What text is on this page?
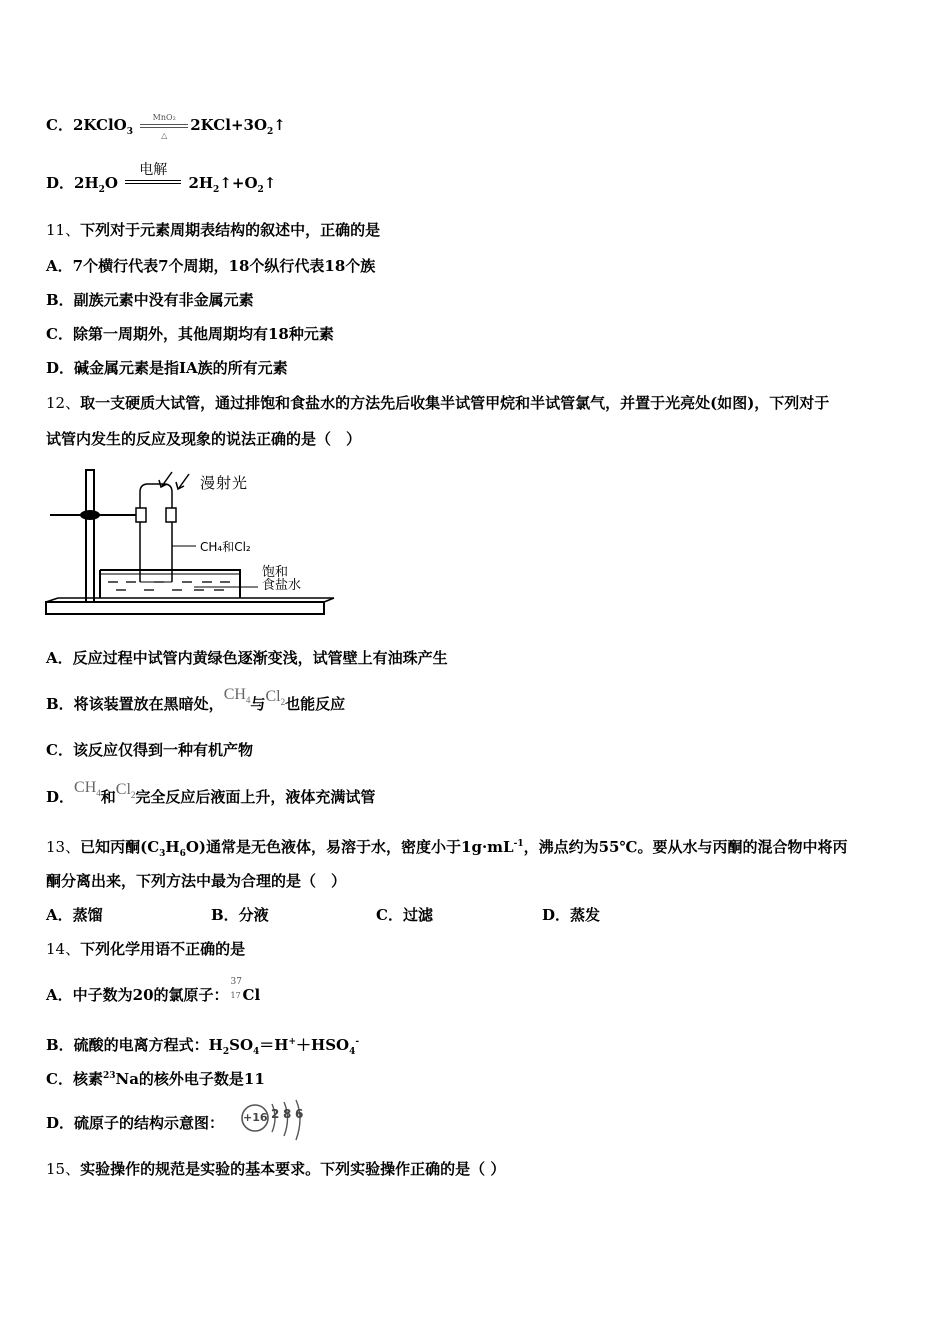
C．2KClO$_3$
MnO₂
△
$2KCl+3O_2↑$
D．$2H_2O$
电解
$2H_2↑+O_2↑$
11、下列对于元素周期表结构的叙述中，正确的是
A．7个横行代表7个周期，18个纵行代表18个族
B．副族元素中没有非金属元素
C．除第一周期外，其他周期均有18种元素
D．碱金属元素是指ⅠA族的所有元素
12、取一支硬质大试管，通过排饱和食盐水的方法先后收集半试管甲烷和半试管氯气，并置于光亮处(如图)，下列对于
试管内发生的反应及现象的说法正确的是（　）
漫射光
CH₄和Cl₂
饱和
食盐水
A．反应过程中试管内黄绿色逐渐变浅，试管壁上有油珠产生
B．将该装置放在黑暗处，$CH_4$与$Cl_2$也能反应
C．该反应仅得到一种有机产物
D．$CH_4$和$Cl_2$完全反应后液面上升，液体充满试管
13、已知丙酮$(C_3H_6O)$通常是无色液体，易溶于水，密度小于$1g\cdot mL^{-1}$，沸点约为55℃。要从水与丙酮的混合物中将丙
酮分离出来，下列方法中最为合理的是（　）
A．蒸馏	B．分液	C．过滤	D．蒸发
14、下列化学用语不正确的是
A．中子数为20的氯原子：
37
17 Cl
B．硫酸的电离方程式：$H_2SO_4=H^++HSO_4^-$
C．核素$^{23}$Na的核外电子数是11
D．硫原子的结构示意图： +16 2 8 6
15、实验操作的规范是实验的基本要求。下列实验操作正确的是（ ）
